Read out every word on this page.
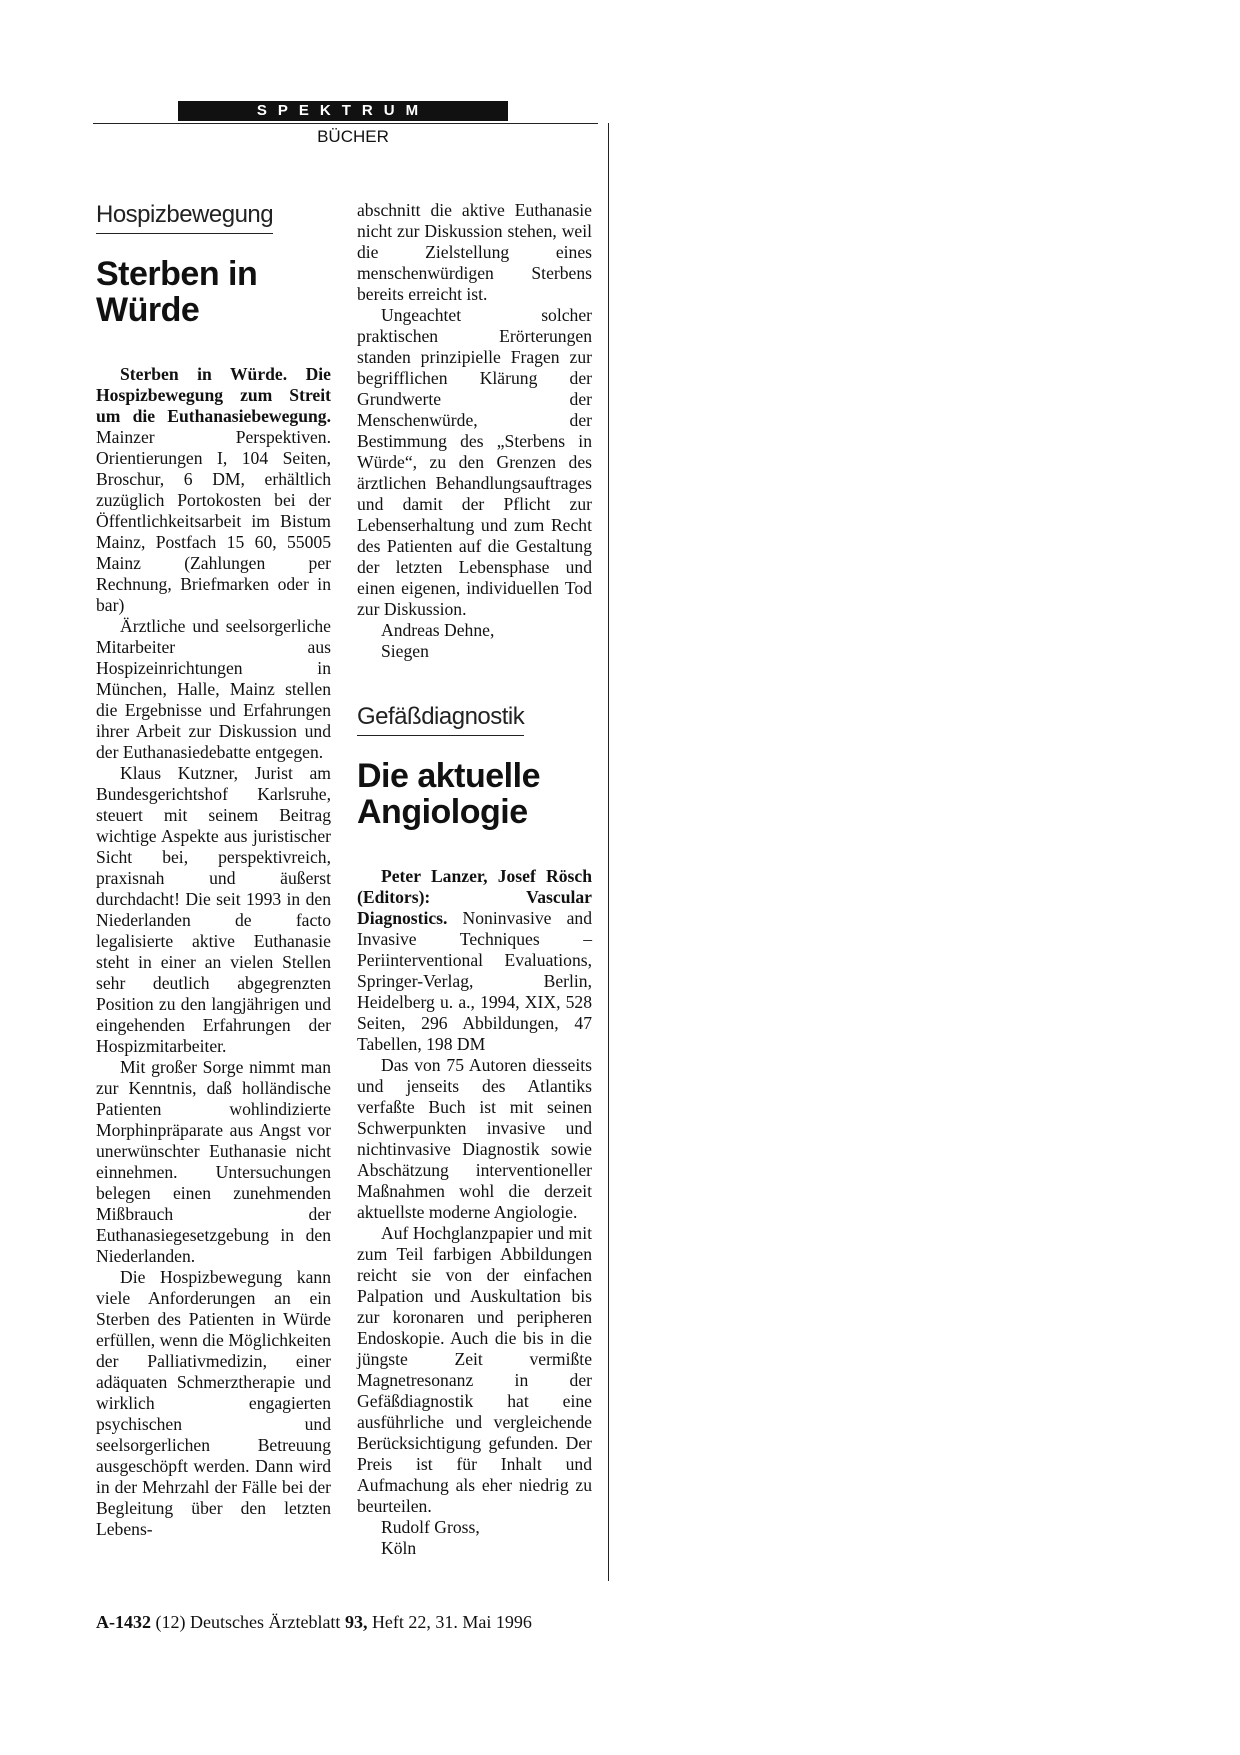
SPEKTRUM
BÜCHER
Hospizbewegung
Sterben in
Würde

Sterben in Würde. Die Hospizbewegung zum Streit um die Euthanasiebewegung. Mainzer Perspektiven. Orientierungen I, 104 Seiten, Broschur, 6 DM, erhältlich zuzüglich Portokosten bei der Öffentlichkeitsarbeit im Bistum Mainz, Postfach 15 60, 55005 Mainz (Zahlungen per Rechnung, Briefmarken oder in bar)

Ärztliche und seelsorgerliche Mitarbeiter aus Hospizeinrichtungen in München, Halle, Mainz stellen die Ergebnisse und Erfahrungen ihrer Arbeit zur Diskussion und der Euthanasiedebatte entgegen.

Klaus Kutzner, Jurist am Bundesgerichtshof Karlsruhe, steuert mit seinem Beitrag wichtige Aspekte aus juristischer Sicht bei, perspektivreich, praxisnah und äußerst durchdacht! Die seit 1993 in den Niederlanden de facto legalisierte aktive Euthanasie steht in einer an vielen Stellen sehr deutlich abgegrenzten Position zu den langjährigen und eingehenden Erfahrungen der Hospizmitarbeiter.

Mit großer Sorge nimmt man zur Kenntnis, daß holländische Patienten wohlindizierte Morphinpräparate aus Angst vor unerwünschter Euthanasie nicht einnehmen. Untersuchungen belegen einen zunehmenden Mißbrauch der Euthanasiegesetzgebung in den Niederlanden.

Die Hospizbewegung kann viele Anforderungen an ein Sterben des Patienten in Würde erfüllen, wenn die Möglichkeiten der Palliativmedizin, einer adäquaten Schmerztherapie und wirklich engagierten psychischen und seelsorgerlichen Betreuung ausgeschöpft werden. Dann wird in der Mehrzahl der Fälle bei der Begleitung über den letzten Lebens-

abschnitt die aktive Euthanasie nicht zur Diskussion stehen, weil die Zielstellung eines menschenwürdigen Sterbens bereits erreicht ist.

Ungeachtet solcher praktischen Erörterungen standen prinzipielle Fragen zur begrifflichen Klärung der Grundwerte der Menschenwürde, der Bestimmung des „Sterbens in Würde“, zu den Grenzen des ärztlichen Behandlungsauftrages und damit der Pflicht zur Lebenserhaltung und zum Recht des Patienten auf die Gestaltung der letzten Lebensphase und einen eigenen, individuellen Tod zur Diskussion.

Andreas Dehne,

Siegen

Gefäßdiagnostik
Die aktuelle
Angiologie

Peter Lanzer, Josef Rösch (Editors): Vascular Diagnostics. Noninvasive and Invasive Techniques – Periinterventional Evaluations, Springer-Verlag, Berlin, Heidelberg u. a., 1994, XIX, 528 Seiten, 296 Abbildungen, 47 Tabellen, 198 DM

Das von 75 Autoren diesseits und jenseits des Atlantiks verfaßte Buch ist mit seinen Schwerpunkten invasive und nichtinvasive Diagnostik sowie Abschätzung interventioneller Maßnahmen wohl die derzeit aktuellste moderne Angiologie.

Auf Hochglanzpapier und mit zum Teil farbigen Abbildungen reicht sie von der einfachen Palpation und Auskultation bis zur koronaren und peripheren Endoskopie. Auch die bis in die jüngste Zeit vermißte Magnetresonanz in der Gefäßdiagnostik hat eine ausführliche und vergleichende Berücksichtigung gefunden. Der Preis ist für Inhalt und Aufmachung als eher niedrig zu beurteilen.

Rudolf Gross,

Köln

A-1432 (12) Deutsches Ärzteblatt 93, Heft 22, 31. Mai 1996
